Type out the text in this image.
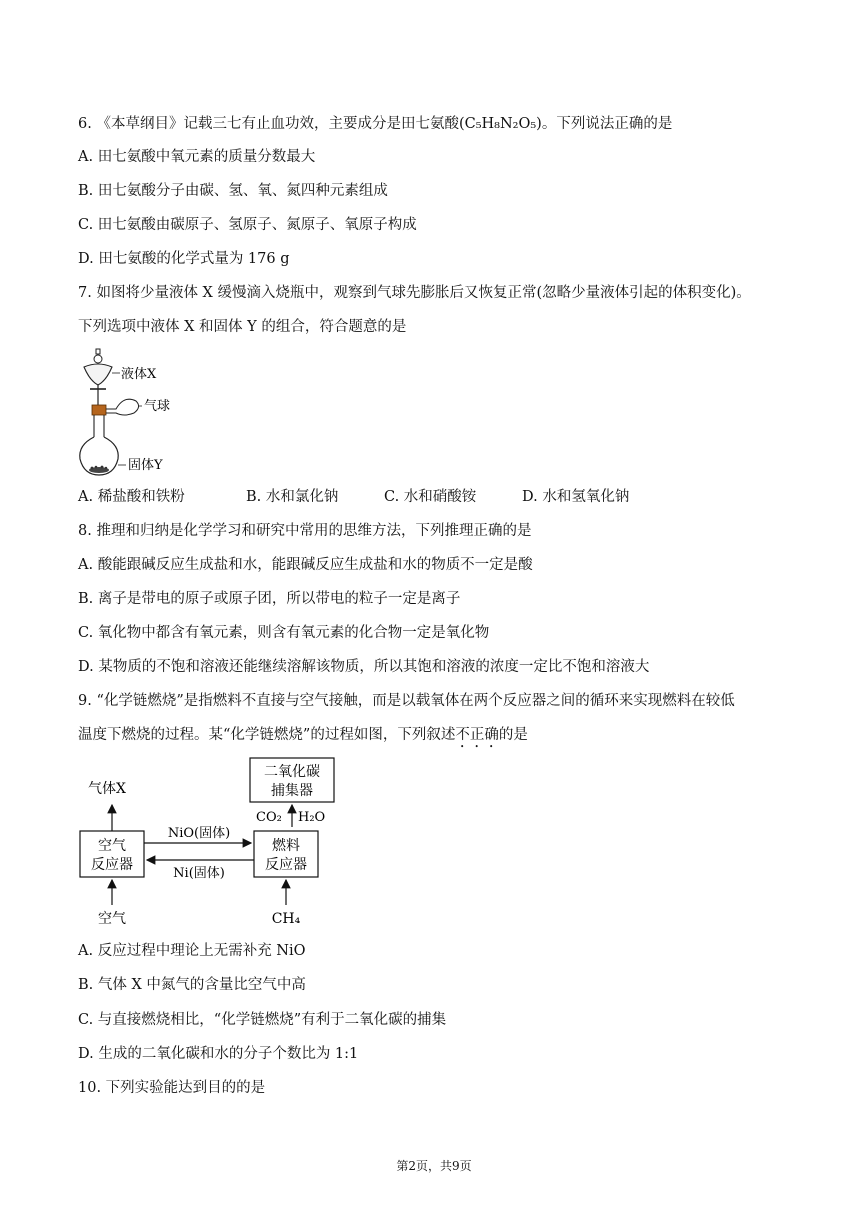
6. 《本草纲目》记载三七有止血功效，主要成分是田七氨酸(C₅H₈N₂O₅)。下列说法正确的是
A. 田七氨酸中氧元素的质量分数最大
B. 田七氨酸分子由碳、氢、氧、氮四种元素组成
C. 田七氨酸由碳原子、氢原子、氮原子、氧原子构成
D. 田七氨酸的化学式量为 176 g
7. 如图将少量液体 X 缓慢滴入烧瓶中，观察到气球先膨胀后又恢复正常(忽略少量液体引起的体积变化)。
下列选项中液体 X 和固体 Y 的组合，符合题意的是
液体X
气球
固体Y
A. 稀盐酸和铁粉	B. 水和氯化钠	C. 水和硝酸铵	D. 水和氢氧化钠
8. 推理和归纳是化学学习和研究中常用的思维方法，下列推理正确的是
A. 酸能跟碱反应生成盐和水，能跟碱反应生成盐和水的物质不一定是酸
B. 离子是带电的原子或原子团，所以带电的粒子一定是离子
C. 氧化物中都含有氧元素，则含有氧元素的化合物一定是氧化物
D. 某物质的不饱和溶液还能继续溶解该物质，所以其饱和溶液的浓度一定比不饱和溶液大
9. “化学链燃烧”是指燃料不直接与空气接触，而是以载氧体在两个反应器之间的循环来实现燃料在较低
温度下燃烧的过程。某“化学链燃烧”的过程如图，下列叙述不正确的是
气体X
二氧化碳
捕集器
CO₂ H₂O
空气
反应器
燃料
反应器
NiO(固体)
Ni(固体)
空气	CH₄
A. 反应过程中理论上无需补充 NiO
B. 气体 X 中氮气的含量比空气中高
C. 与直接燃烧相比，“化学链燃烧”有利于二氧化碳的捕集
D. 生成的二氧化碳和水的分子个数比为 1:1
10. 下列实验能达到目的的是
第2页，共9页
